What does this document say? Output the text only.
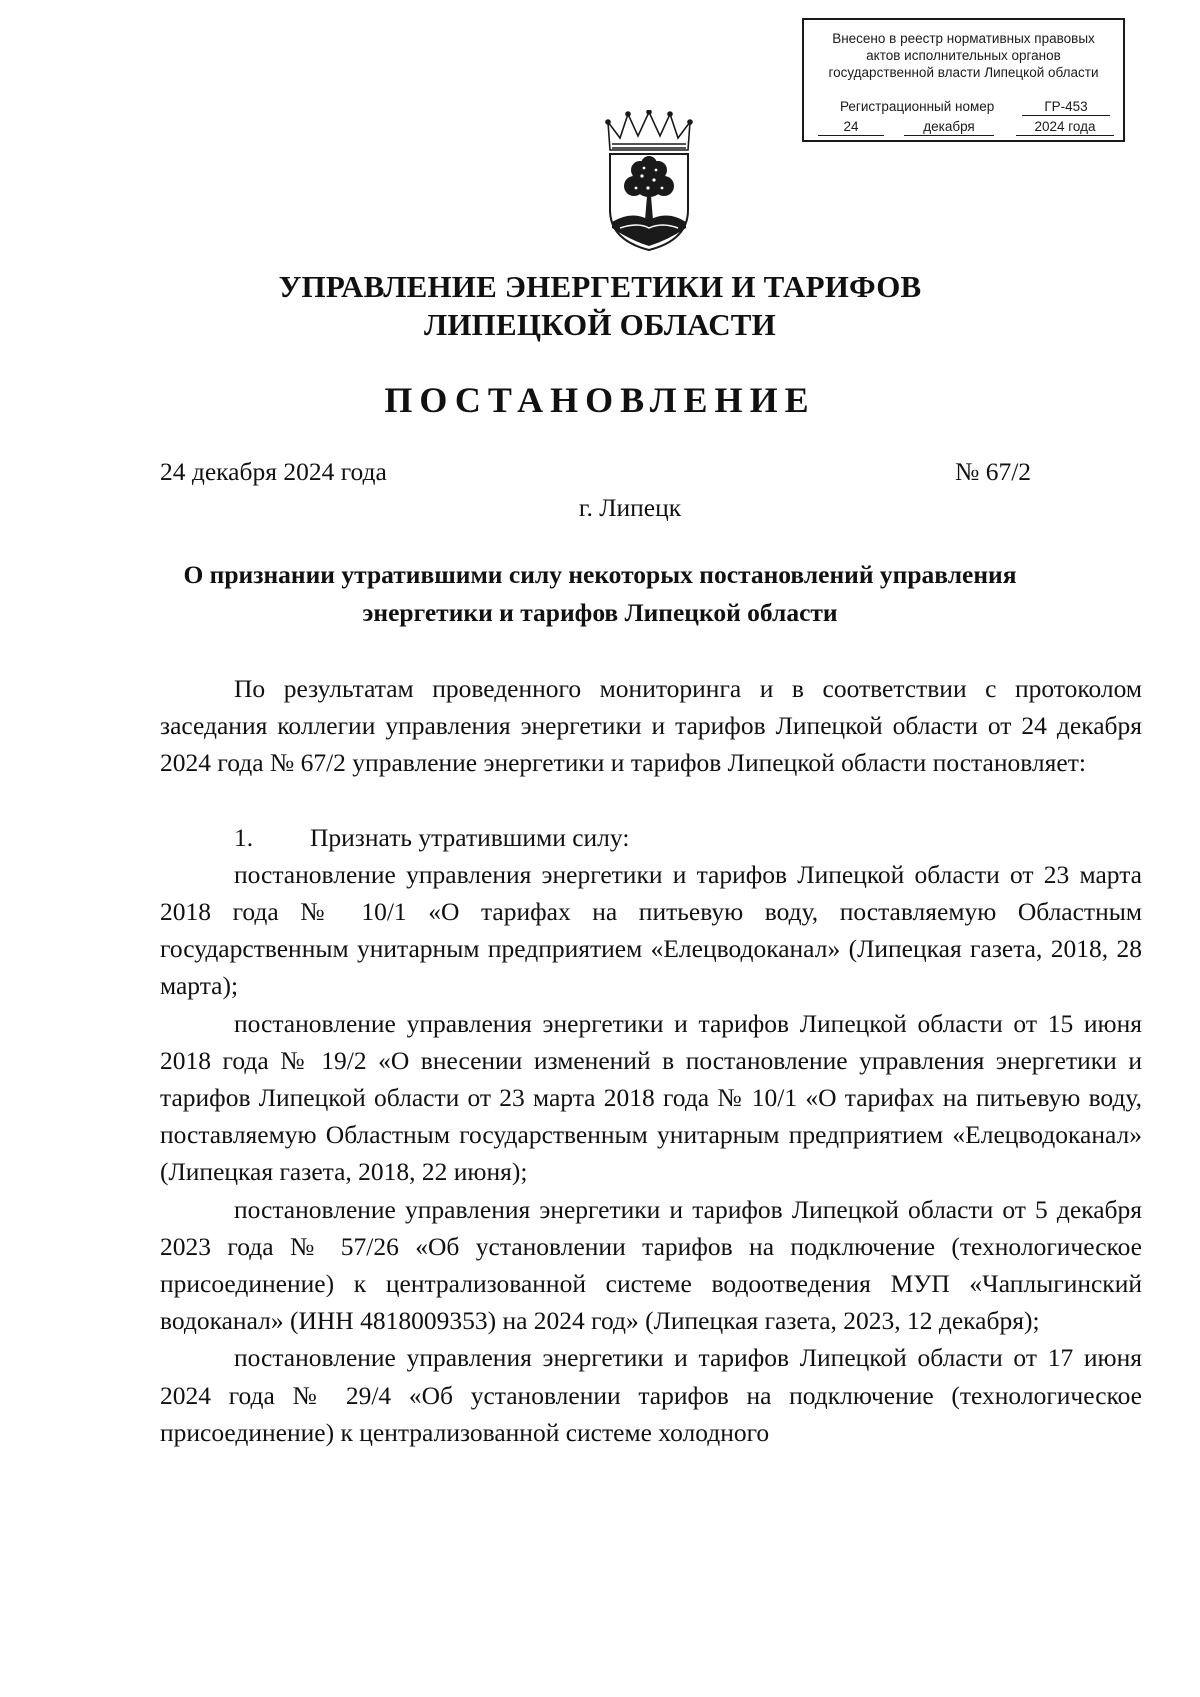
Внесено в реестр нормативных правовых
актов исполнительных органов
государственной власти Липецкой области
Регистрационный номер	ГР-453
24	декабря	2024 года
УПРАВЛЕНИЕ ЭНЕРГЕТИКИ И ТАРИФОВ
ЛИПЕЦКОЙ ОБЛАСТИ
ПОСТАНОВЛЕНИЕ
24 декабря 2024 года	№ 67/2
г. Липецк
О признании утратившими силу некоторых постановлений управления
энергетики и тарифов Липецкой области

По результатам проведенного мониторинга и в соответствии с протоколом заседания коллегии управления энергетики и тарифов Липецкой области от 24 декабря 2024 года № 67/2 управление энергетики и тарифов Липецкой области постановляет:

1. Признать утратившими силу:

постановление управления энергетики и тарифов Липецкой области от 23 марта 2018 года № 10/1 «О тарифах на питьевую воду, поставляемую Областным государственным унитарным предприятием «Елецводоканал» (Липецкая газета, 2018, 28 марта);

постановление управления энергетики и тарифов Липецкой области от 15 июня 2018 года № 19/2 «О внесении изменений в постановление управления энергетики и тарифов Липецкой области от 23 марта 2018 года № 10/1 «О тарифах на питьевую воду, поставляемую Областным государственным унитарным предприятием «Елецводоканал» (Липецкая газета, 2018, 22 июня);

постановление управления энергетики и тарифов Липецкой области от 5 декабря 2023 года № 57/26 «Об установлении тарифов на подключение (технологическое присоединение) к централизованной системе водоотведения МУП «Чаплыгинский водоканал» (ИНН 4818009353) на 2024 год» (Липецкая газета, 2023, 12 декабря);

постановление управления энергетики и тарифов Липецкой области от 17 июня 2024 года № 29/4 «Об установлении тарифов на подключение (технологическое присоединение) к централизованной системе холодного
